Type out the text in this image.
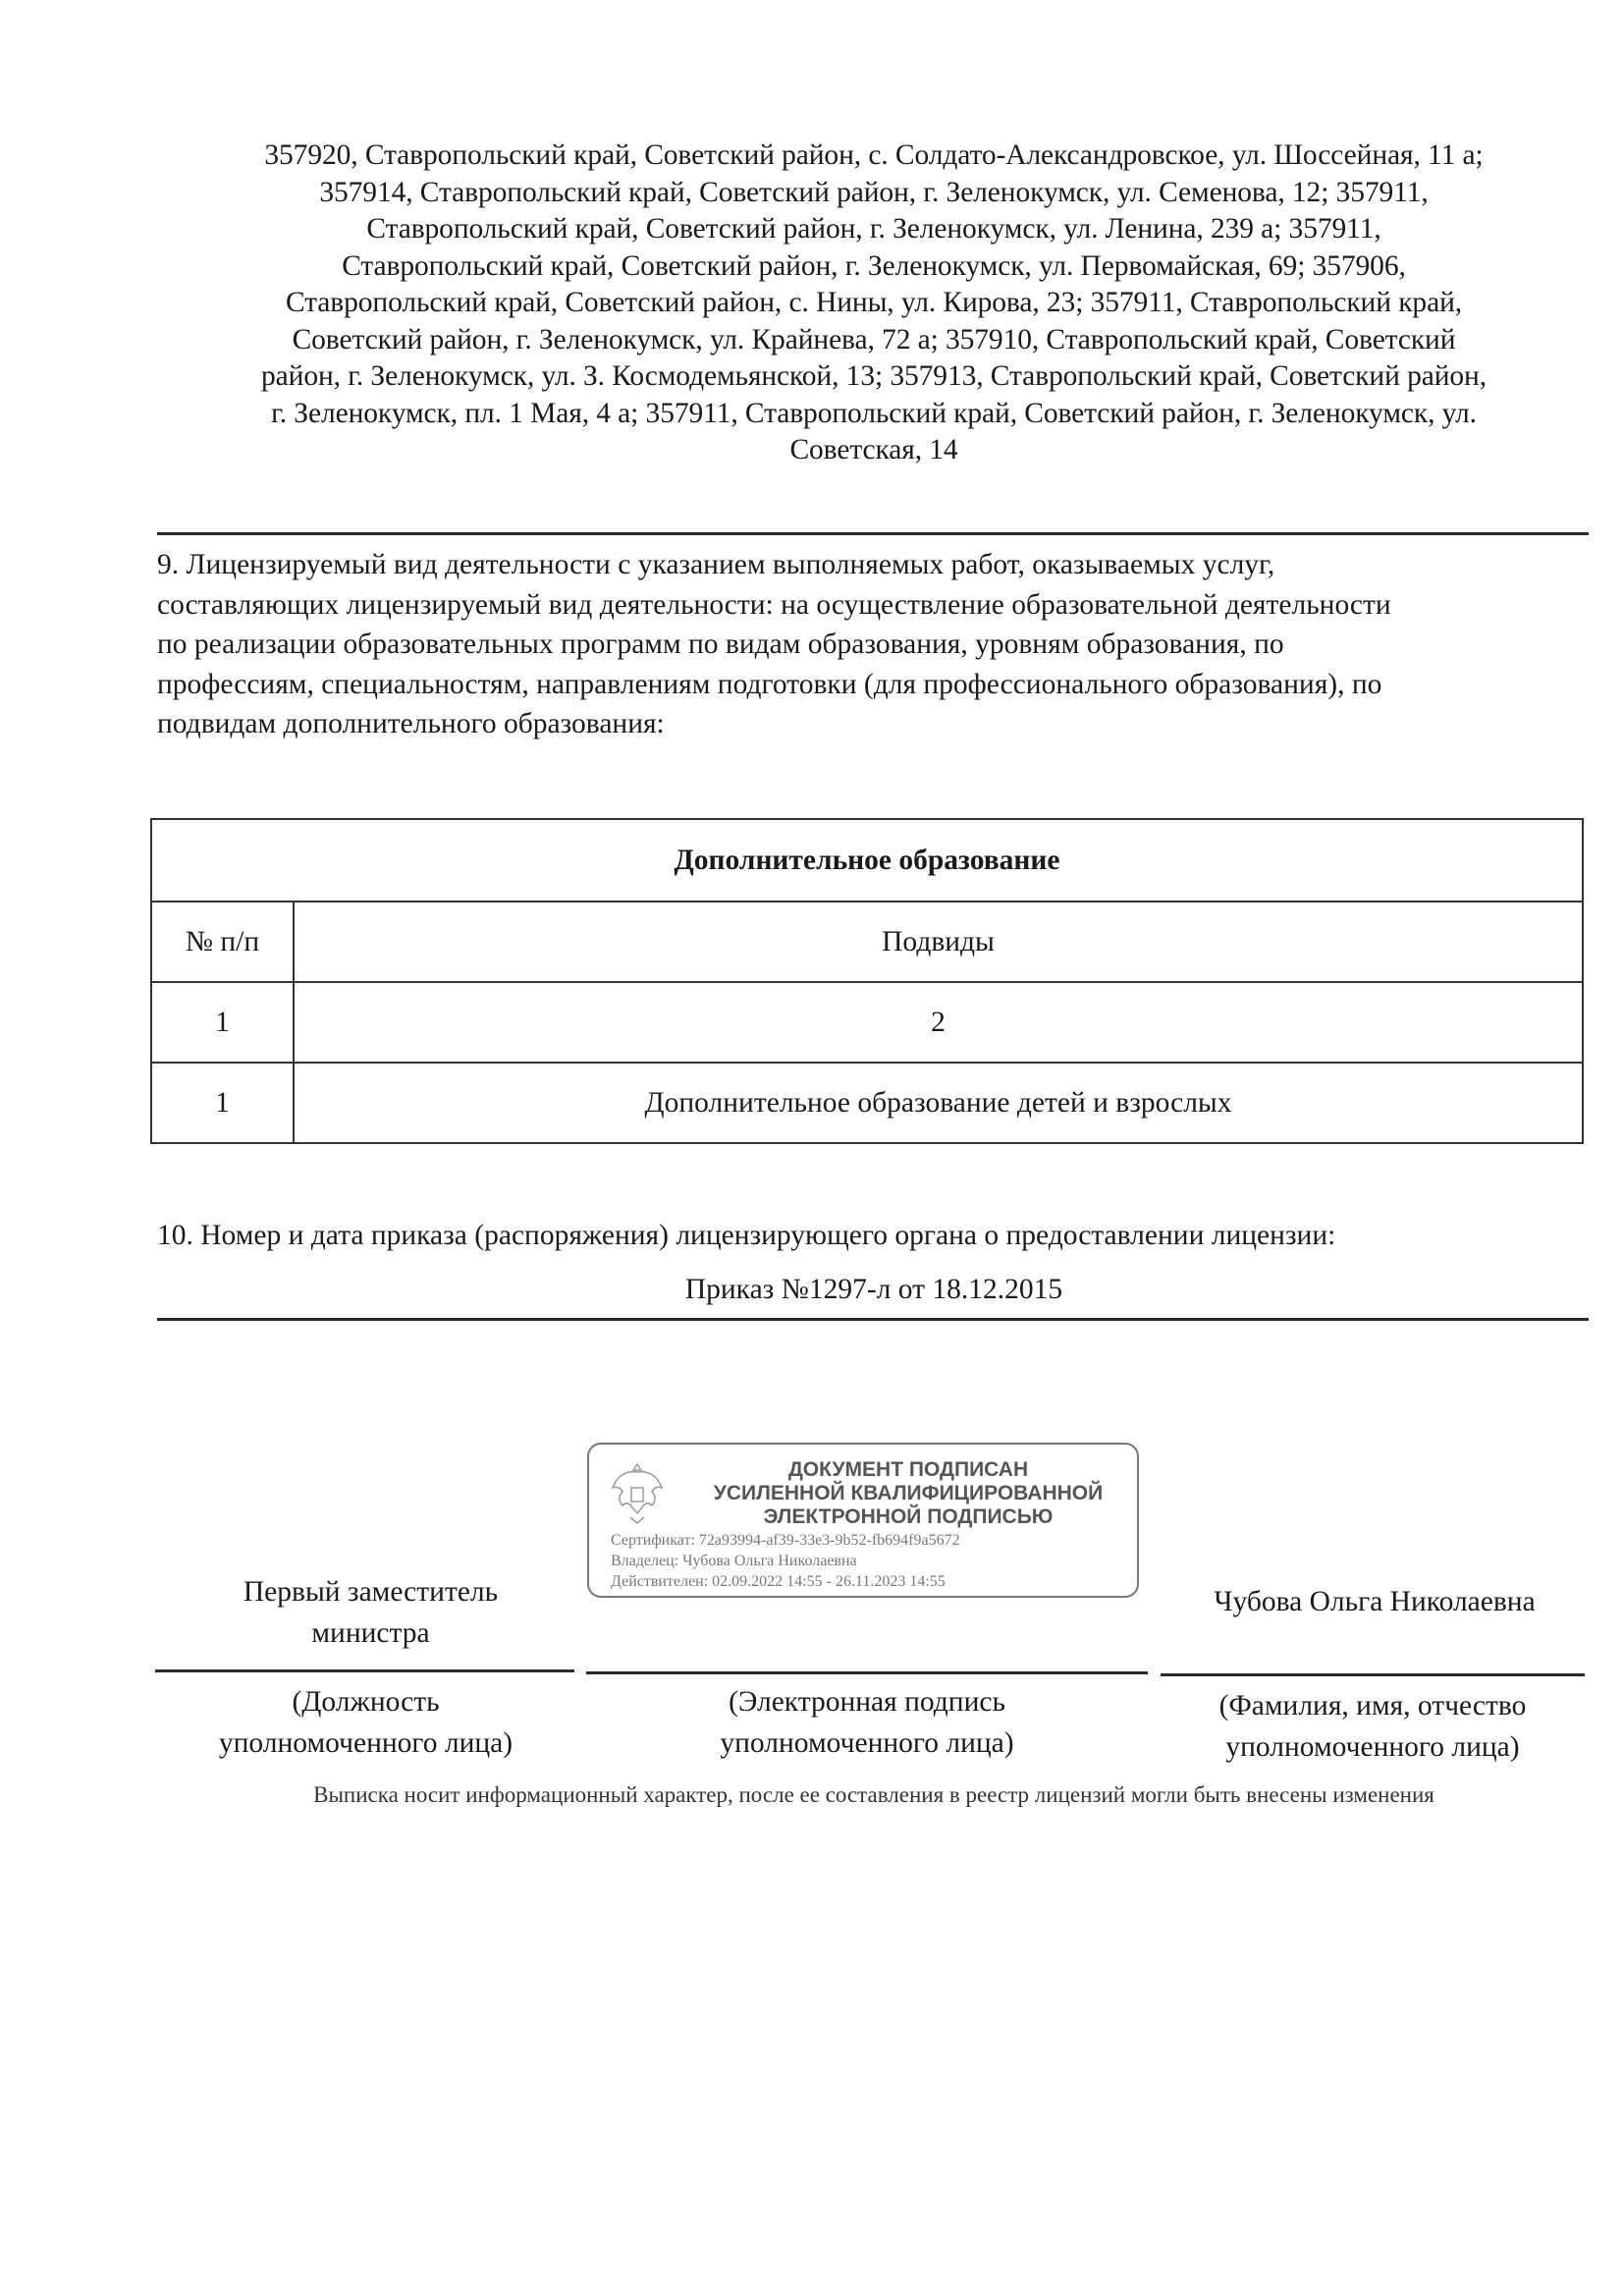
357920, Ставропольский край, Советский район, с. Солдато-Александровское, ул. Шоссейная, 11 а;
357914, Ставропольский край, Советский район, г. Зеленокумск, ул. Семенова, 12; 357911,
Ставропольский край, Советский район, г. Зеленокумск, ул. Ленина, 239 а; 357911,
Ставропольский край, Советский район, г. Зеленокумск, ул. Первомайская, 69; 357906,
Ставропольский край, Советский район, с. Нины, ул. Кирова, 23; 357911, Ставропольский край,
Советский район, г. Зеленокумск, ул. Крайнева, 72 а; 357910, Ставропольский край, Советский
район, г. Зеленокумск, ул. З. Космодемьянской, 13; 357913, Ставропольский край, Советский район,
г. Зеленокумск, пл. 1 Мая, 4 а; 357911, Ставропольский край, Советский район, г. Зеленокумск, ул.
Советская, 14
9. Лицензируемый вид деятельности с указанием выполняемых работ, оказываемых услуг,
составляющих лицензируемый вид деятельности: на осуществление образовательной деятельности
по реализации образовательных программ по видам образования, уровням образования, по
профессиям, специальностям, направлениям подготовки (для профессионального образования), по
подвидам дополнительного образования:
Дополнительное образование	
№ п/п	Подвиды
1	2
1	Дополнительное образование детей и взрослых
10. Номер и дата приказа (распоряжения) лицензирующего органа о предоставлении лицензии:
Приказ №1297-л от 18.12.2015
ДОКУМЕНТ ПОДПИСАН
УСИЛЕННОЙ КВАЛИФИЦИРОВАННОЙ
ЭЛЕКТРОННОЙ ПОДПИСЬЮ
Сертификат: 72a93994-af39-33e3-9b52-fb694f9a5672
Владелец: Чубова Ольга Николаевна
Действителен: 02.09.2022 14:55 - 26.11.2023 14:55
Первый заместитель
министра
Чубова Ольга Николаевна
(Должность
уполномоченного лица)
(Электронная подпись
уполномоченного лица)
(Фамилия, имя, отчество
уполномоченного лица)
Выписка носит информационный характер, после ее составления в реестр лицензий могли быть внесены изменения
